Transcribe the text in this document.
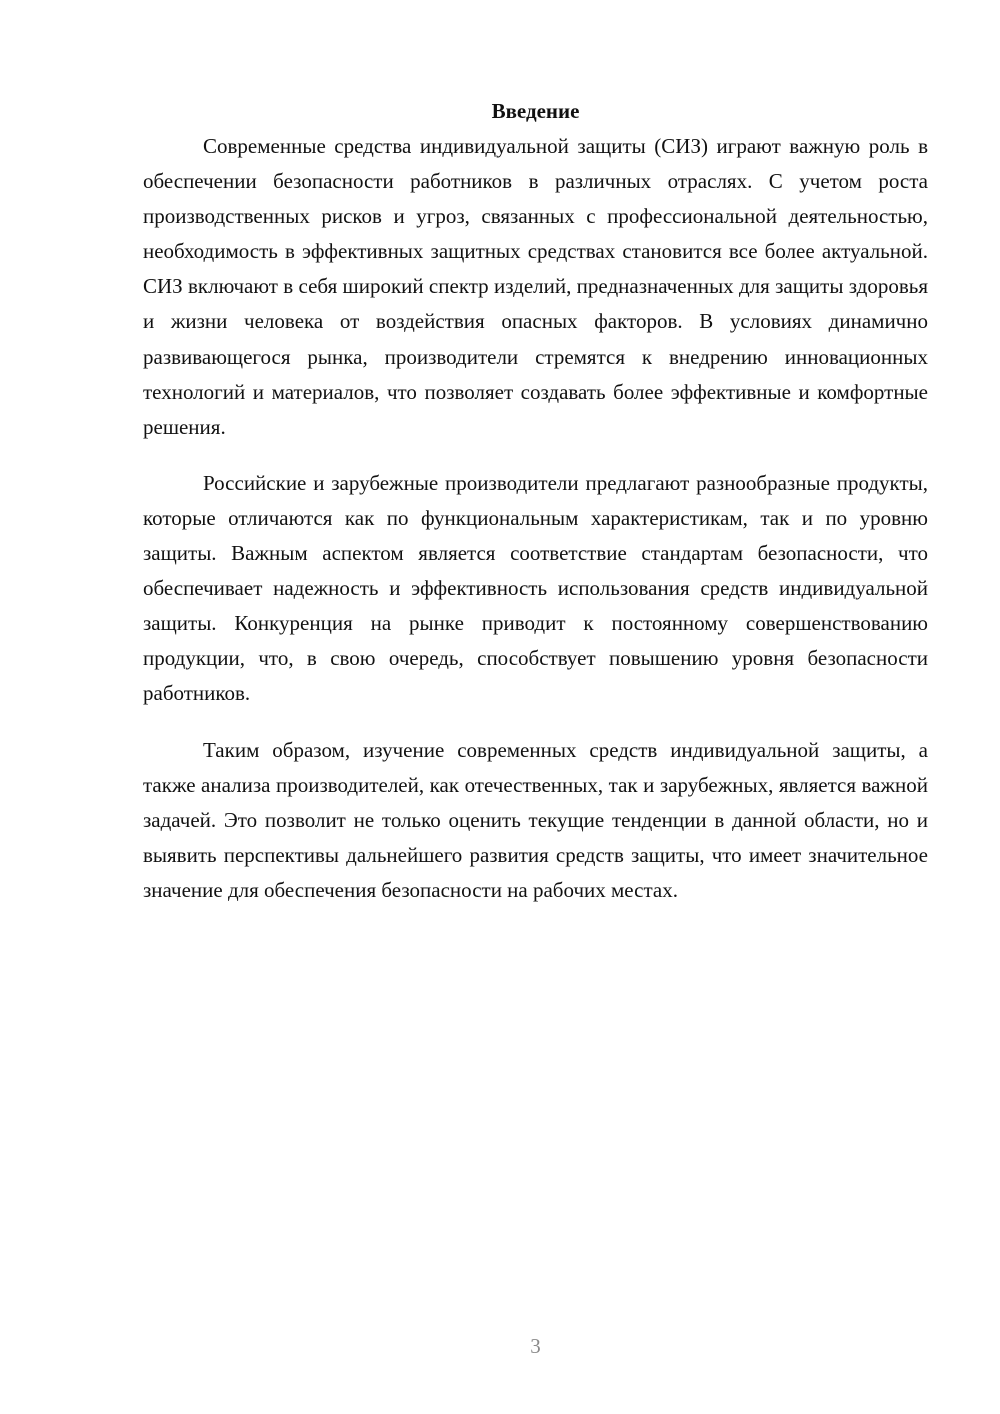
Введение

Современные средства индивидуальной защиты (СИЗ) играют важную роль в обеспечении безопасности работников в различных отраслях. С учетом роста производственных рисков и угроз, связанных с профессиональной деятельностью, необходимость в эффективных защитных средствах становится все более актуальной. СИЗ включают в себя широкий спектр изделий, предназначенных для защиты здоровья и жизни человека от воздействия опасных факторов. В условиях динамично развивающегося рынка, производители стремятся к внедрению инновационных технологий и материалов, что позволяет создавать более эффективные и комфортные решения.

Российские и зарубежные производители предлагают разнообразные продукты, которые отличаются как по функциональным характеристикам, так и по уровню защиты. Важным аспектом является соответствие стандартам безопасности, что обеспечивает надежность и эффективность использования средств индивидуальной защиты. Конкуренция на рынке приводит к постоянному совершенствованию продукции, что, в свою очередь, способствует повышению уровня безопасности работников.

Таким образом, изучение современных средств индивидуальной защиты, а также анализа производителей, как отечественных, так и зарубежных, является важной задачей. Это позволит не только оценить текущие тенденции в данной области, но и выявить перспективы дальнейшего развития средств защиты, что имеет значительное значение для обеспечения безопасности на рабочих местах.

3
